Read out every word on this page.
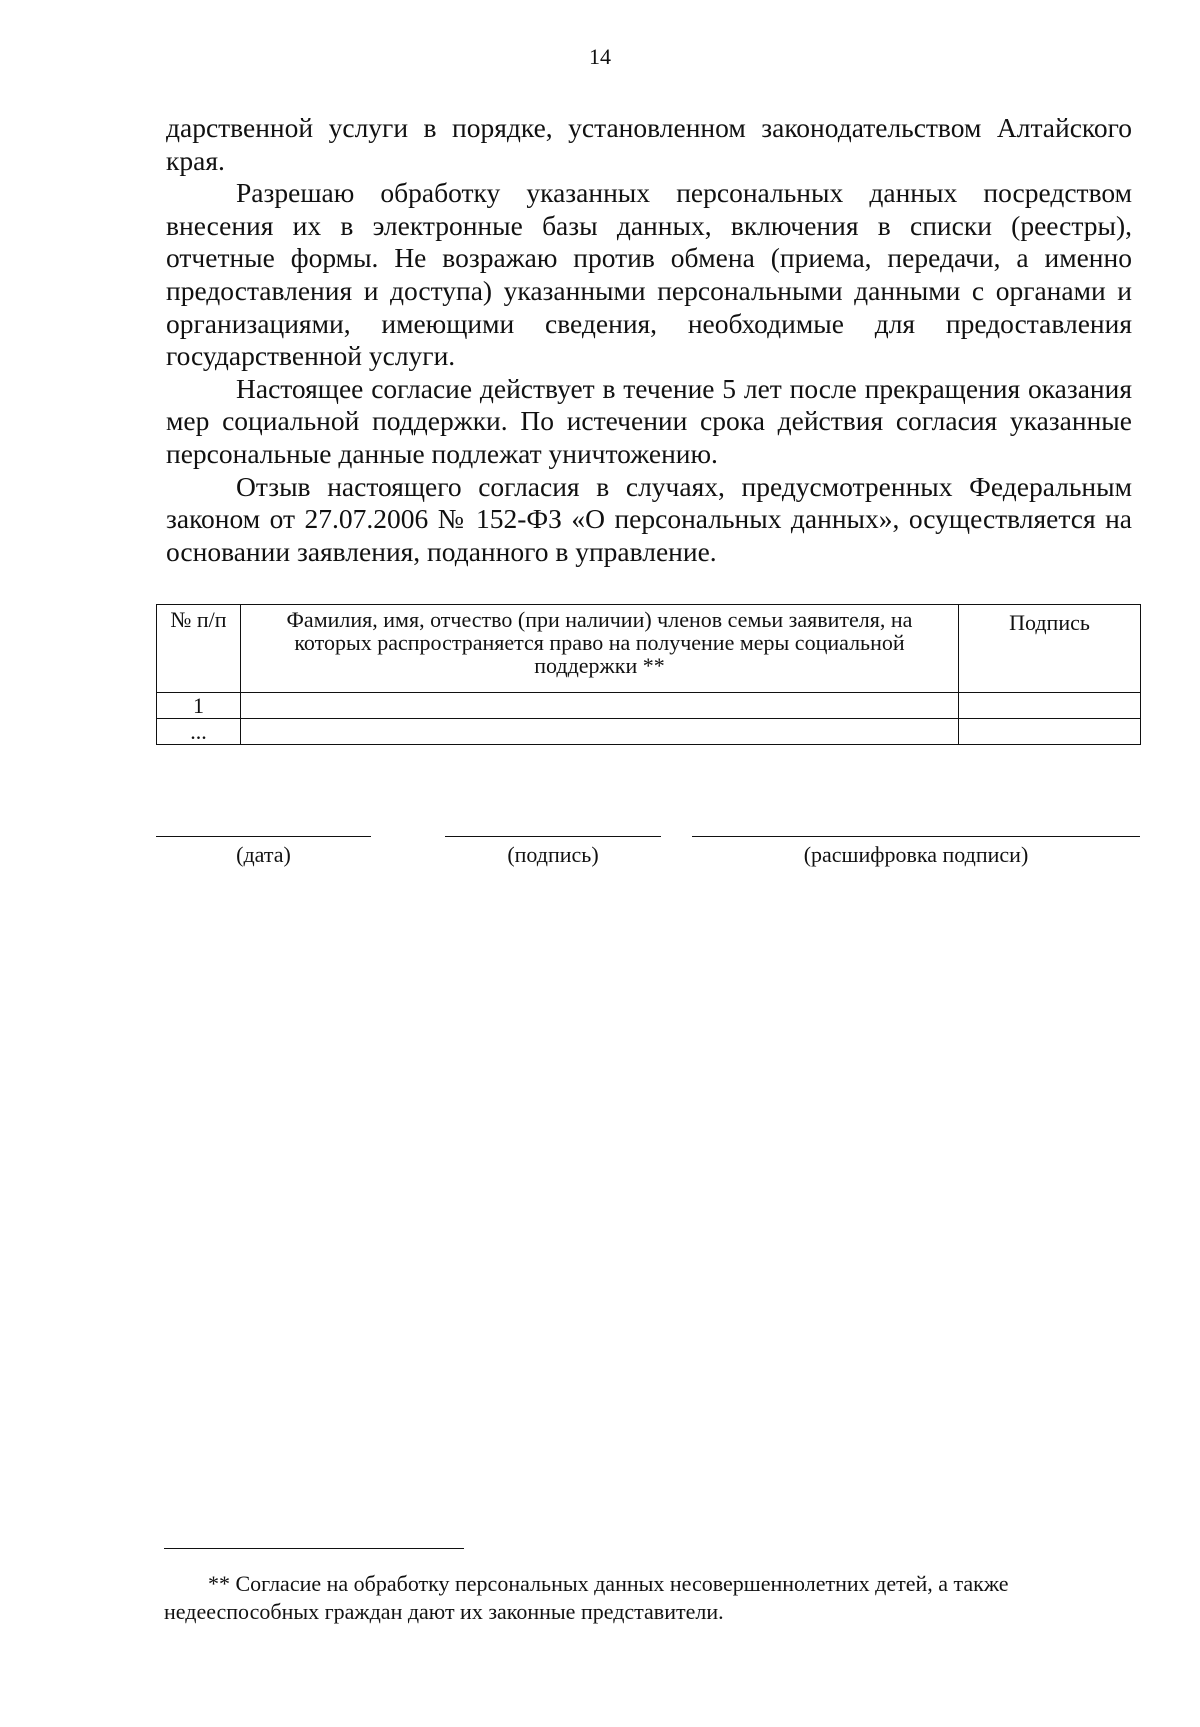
14

дарственной услуги в порядке, установленном законодательством Алтайского края.

Разрешаю обработку указанных персональных данных посредством внесения их в электронные базы данных, включения в списки (реестры), отчетные формы. Не возражаю против обмена (приема, передачи, а именно предоставления и доступа) указанными персональными данными с органами и организациями, имеющими сведения, необходимые для предоставления государственной услуги.

Настоящее согласие действует в течение 5 лет после прекращения оказания мер социальной поддержки. По истечении срока действия согласия указанные персональные данные подлежат уничтожению.

Отзыв настоящего согласия в случаях, предусмотренных Федеральным законом от 27.07.2006 № 152-ФЗ «О персональных данных», осуществляется на основании заявления, поданного в управление.

№ п/п	Фамилия, имя, отчество (при наличии) членов семьи заявителя, на которых распространяется право на получение меры социальной поддержки **	Подпись
1		
...		
(дата)	(подпись)	(расшифровка подписи)
** Согласие на обработку персональных данных несовершеннолетних детей, а также
недееспособных граждан дают их законные представители.
